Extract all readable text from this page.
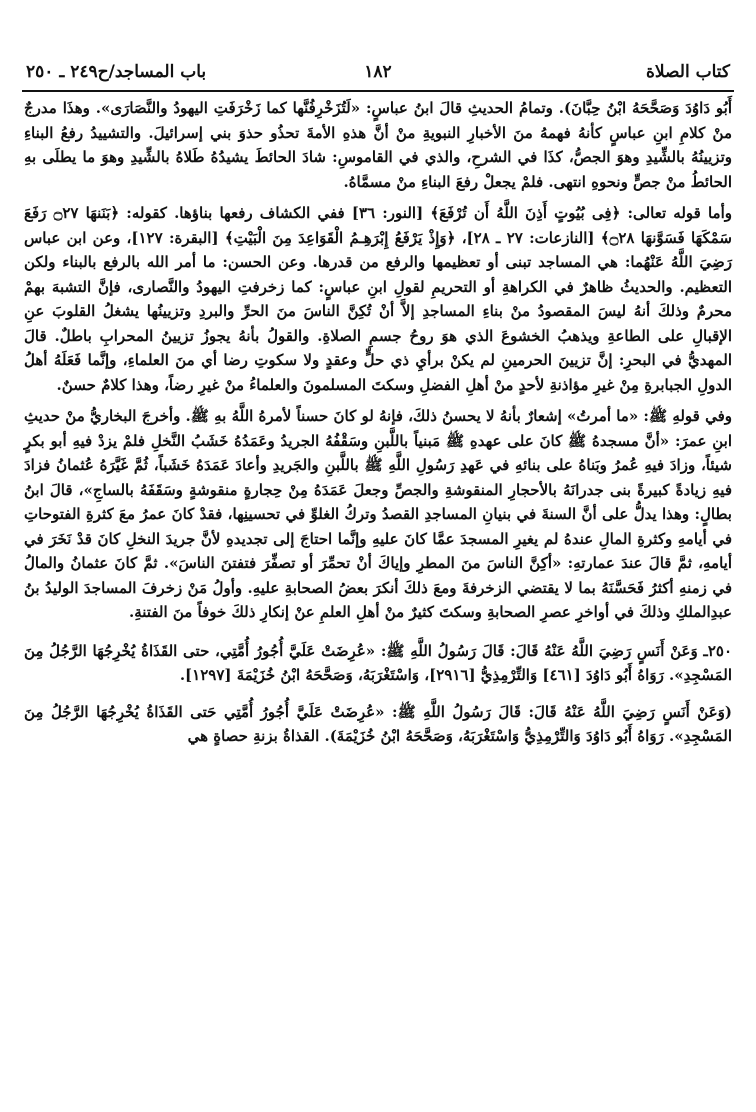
كتاب الصلاة
١٨٢
باب المساجد/ح٢٤٩ ـ ٢٥٠

أَبُو دَاوُدَ وَصَحَّحَهُ ابْنُ حِبَّانَ). وتمامُ الحديثِ قالَ ابنُ عباسٍ: «لَتُزَخْرِفُنَّها كما زَخْرَفَتِ اليهودُ والنَّصَارَى». وهذَا مدرجٌ منْ كلامِ ابنِ عباسٍ كأنهُ فهمهُ منَ الأخبارِ النبويةِ منْ أنَّ هذهِ الأمةَ تحذُو حذوَ بني إسرائيلَ. والتشييدُ رفعُ البناءِ وتزيينُهُ بالشِّيدِ وهوَ الجصُّ، كذَا في الشرحِ، والذي في القاموسِ: شادَ الحائطَ يشيدُهُ طَلاهُ بالشِّيدِ وهوَ ما يطلَى بهِ الحائطُ منْ جصٍّ ونحوهِ انتهى. فلمْ يجعلْ رفعَ البناءِ منْ مسمَّاهُ.

وأما قوله تعالى: ﴿فِى بُيُوتٍ أَذِنَ اللَّهُ أَن تُرْفَعَ﴾ [النور: ٣٦] ففي الكشاف رفعها بناؤها. كقوله: ﴿بَنَنهَا ۝٢٧ رَفَعَ سَمْكَهَا فَسَوَّنهَا ۝٢٨﴾ [النازعات: ٢٧ ـ ٢٨]، ﴿وَإِذْ يَرْفَعُ إِبْرَهِـمُ الْقَوَاعِدَ مِنَ الْبَيْتِ﴾ [البقرة: ١٢٧]، وعن ابن عباس رَضِيَ اللَّهُ عَنْهُما: هي المساجد تبنى أو تعظيمها والرفع من قدرها. وعن الحسن: ما أمر الله بالرفع بالبناء ولكن التعظيم. والحديثُ ظاهرٌ في الكراهةِ أو التحريمِ لقولِ ابنِ عباسٍ: كما زخرفتِ اليهودُ والنَّصارى، فإنَّ التشبهَ بهمْ محرمٌ وذلكَ أنهُ ليسَ المقصودُ منْ بناءِ المساجدِ إلاَّ أنْ تُكِنَّ الناسَ منَ الحرِّ والبردِ وتزيينُها يشغلُ القلوبَ عنِ الإقبالِ على الطاعةِ ويذهبُ الخشوعَ الذي هوَ روحُ جسمِ الصلاةِ. والقولُ بأنهُ يجوزُ تزيينُ المحرابِ باطلٌ. قالَ المهديُّ في البحرِ: إنَّ تزيينَ الحرمينِ لم يكنْ برأيِ ذي حلٍّ وعقدٍ ولا سكوتِ رضا أي منَ العلماءِ، وإنَّما فَعَلَهُ أهلُ الدولِ الجبابرةِ مِنْ غيرِ مؤاذنةِ لأحدٍ منْ أهلِ الفضلِ وسكتَ المسلمونَ والعلماءُ منْ غيرِ رضاً، وهذا كلامٌ حسنٌ.

وفي قولهِ ﷺ: «ما أمرتُ» إشعارٌ بأنهُ لا يحسنُ ذلكَ، فإنهُ لو كانَ حسناً لأمرهُ اللَّهُ بهِ ﷺ. وأخرجَ البخاريُّ منْ حديثِ ابنِ عمرَ: «أنَّ مسجدهُ ﷺ كانَ على عهدهِ ﷺ مَبنياً باللَّبنِ وسَقْفُهُ الجريدُ وعَمَدُهُ خَشَبُ النَّخلِ فلمْ يزدْ فيهِ أبو بكرٍ شيئاً، وزادَ فيهِ عُمرُ وبَناهُ على بنائهِ في عَهدِ رَسُولِ اللَّهِ ﷺ باللَّبنِ والجَريدِ وأعادَ عَمَدَهُ خَشَباً، ثُمَّ غَيَّرَهُ عُثمانُ فزادَ فيهِ زيادةً كبيرةً بنى جدرانَهُ بالأحجارِ المنقوشةِ والجصِّ وجعلَ عَمَدَهُ مِنْ حِجارةٍ منقوشةٍ وسَقَفَهُ بالساجِ»، قالَ ابنُ بطالٍ: وهذا يدلُّ على أنَّ السنةَ في بنيانِ المساجدِ القصدُ وتركُ الغلوِّ في تحسينِها، فقدْ كانَ عمرُ معَ كثرةِ الفتوحاتِ في أيامهِ وكثرةِ المالِ عندهُ لم يغيرِ المسجدَ عمَّا كانَ عليهِ وإنَّما احتاجَ إلى تجديدهِ لأنَّ جريدَ النخلِ كانَ قدْ نَخَرَ في أيامهِ، ثمَّ قالَ عندَ عمارتهِ: «أكِنَّ الناسَ منَ المطرِ وإياكَ أنْ تحمِّرَ أو تصفِّرَ فتفتنَ الناسَ». ثمَّ كانَ عثمانُ والمالُ في زمنهِ أكثرُ فَحَسَّنَهُ بما لا يقتضي الزخرفةَ ومعَ ذلكَ أنكرَ بعضُ الصحابةِ عليهِ. وأولُ مَنْ زخرفَ المساجدَ الوليدُ بنُ عبدِالملكِ وذلكَ في أواخرِ عصرِ الصحابةِ وسكتَ كثيرٌ منْ أهلِ العلمِ عنْ إنكارِ ذلكَ خوفاً منَ الفتنةِ.

٢٥٠ـ وَعَنْ أَنَسٍ رَضِيَ اللَّهُ عَنْهُ قَالَ: قَالَ رَسُولُ اللَّهِ ﷺ: «عُرِضَتْ عَلَيَّ أُجُورُ أُمَّتِي، حتى القَذَاةُ يُخْرِجُهَا الرَّجُلُ مِنَ المَسْجِدِ». رَوَاهُ أَبُو دَاوُدَ [٤٦١] وَالتِّرْمِذِيُّ [٢٩١٦]، وَاسْتَغْرَبَهُ، وَصَحَّحَهُ ابْنُ خُزَيْمَةَ [١٢٩٧].

(وَعَنْ أَنَسٍ رَضِيَ اللَّهُ عَنْهُ قَالَ: قَالَ رَسُولُ اللَّهِ ﷺ: «عُرِضَتْ عَلَيَّ أُجُورُ أُمَّتِي حَتى القَذَاةُ يُخْرِجُهَا الرَّجُلُ مِنَ المَسْجِدِ». رَوَاهُ أَبُو دَاوُدَ وَالتِّرْمِذِيُّ وَاسْتَغْرَبَهُ، وَصَحَّحَهُ ابْنُ خُزَيْمَةَ). القذاةُ بزنةِ حصاةٍ هي
